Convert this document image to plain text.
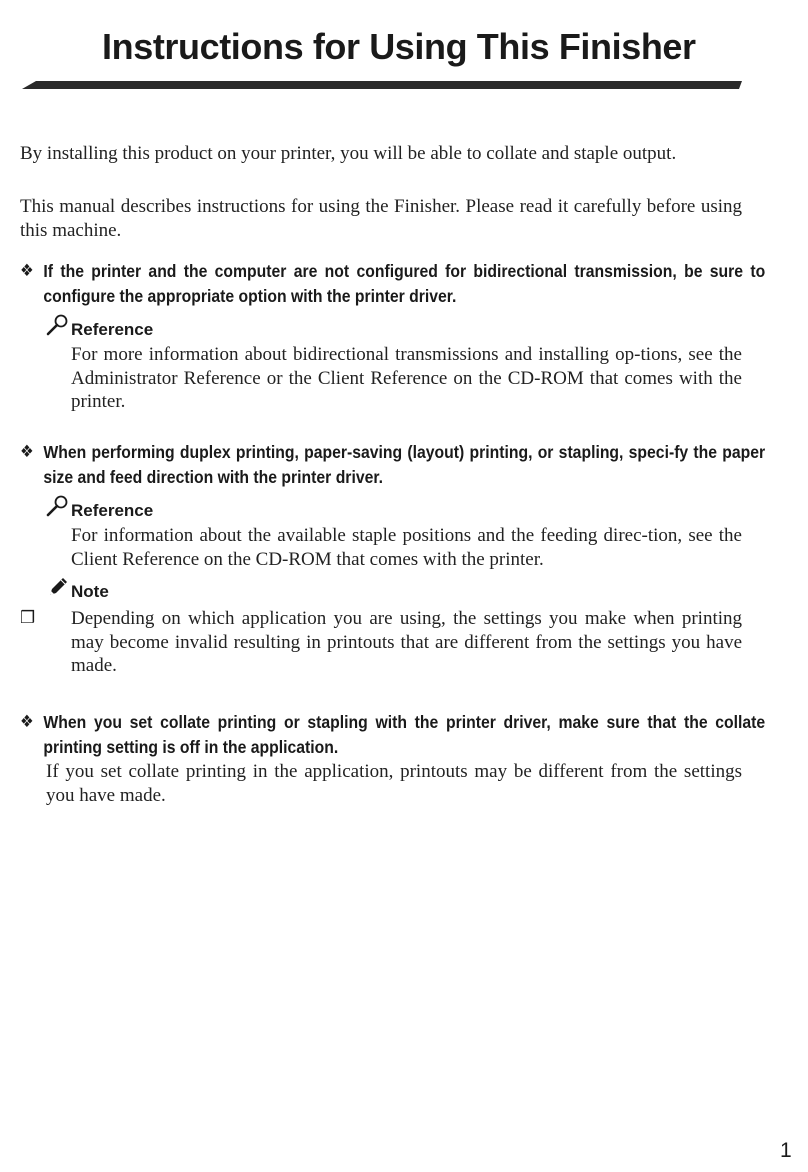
Instructions for Using This Finisher

By installing this product on your printer, you will be able to collate and staple output.

This manual describes instructions for using the Finisher. Please read it carefully before using this machine.

❖ If the printer and the computer are not configured for bidirectional transmission, be sure to configure the appropriate option with the printer driver.
Reference

For more information about bidirectional transmissions and installing op-tions, see the Administrator Reference or the Client Reference on the CD-ROM that comes with the printer.

❖ When performing duplex printing, paper-saving (layout) printing, or stapling, speci-fy the paper size and feed direction with the printer driver.
Reference

For information about the available staple positions and the feeding direc-tion, see the Client Reference on the CD-ROM that comes with the printer.

Note
❒ Depending on which application you are using, the settings you make when printing may become invalid resulting in printouts that are different from the settings you have made.

❖ When you set collate printing or stapling with the printer driver, make sure that the collate printing setting is off in the application.

If you set collate printing in the application, printouts may be different from the settings you have made.

1
